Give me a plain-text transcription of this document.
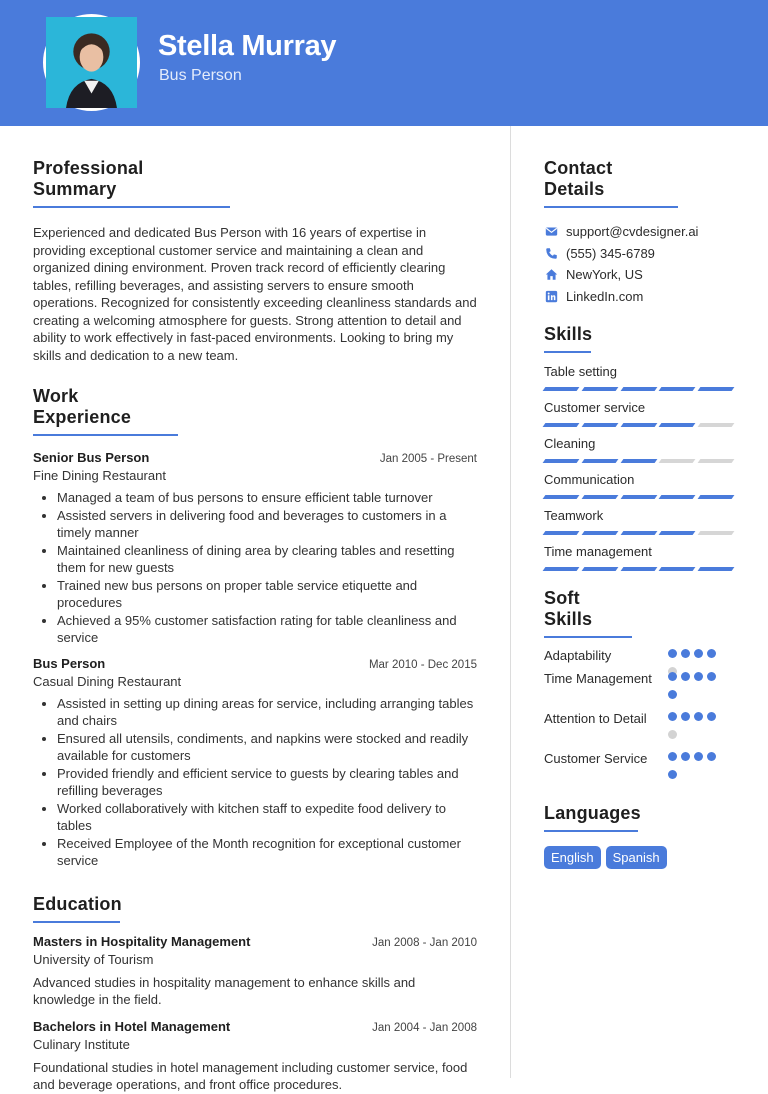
Stella Murray
Bus Person
Professional Summary
Experienced and dedicated Bus Person with 16 years of expertise in providing exceptional customer service and maintaining a clean and organized dining environment. Proven track record of efficiently clearing tables, refilling beverages, and assisting servers to ensure smooth operations. Recognized for consistently exceeding cleanliness standards and creating a welcoming atmosphere for guests. Strong attention to detail and ability to work effectively in fast-paced environments. Looking to bring my skills and dedication to a new team.
Work Experience
Senior Bus Person	Jan 2005 - Present
Fine Dining Restaurant
• Managed a team of bus persons to ensure efficient table turnover
• Assisted servers in delivering food and beverages to customers in a timely manner
• Maintained cleanliness of dining area by clearing tables and resetting them for new guests
• Trained new bus persons on proper table service etiquette and procedures
• Achieved a 95% customer satisfaction rating for table cleanliness and service
Bus Person	Mar 2010 - Dec 2015
Casual Dining Restaurant
• Assisted in setting up dining areas for service, including arranging tables and chairs
• Ensured all utensils, condiments, and napkins were stocked and readily available for customers
• Provided friendly and efficient service to guests by clearing tables and refilling beverages
• Worked collaboratively with kitchen staff to expedite food delivery to tables
• Received Employee of the Month recognition for exceptional customer service
Education
Masters in Hospitality Management	Jan 2008 - Jan 2010
University of Tourism
Advanced studies in hospitality management to enhance skills and knowledge in the field.
Bachelors in Hotel Management	Jan 2004 - Jan 2008
Culinary Institute
Foundational studies in hotel management including customer service, food and beverage operations, and front office procedures.
Contact Details
support@cvdesigner.ai
(555) 345-6789
NewYork, US
LinkedIn.com
Skills
Table setting
Customer service
Cleaning
Communication
Teamwork
Time management
Soft Skills
Adaptability
Time Management
Attention to Detail
Customer Service
Languages
English	Spanish
